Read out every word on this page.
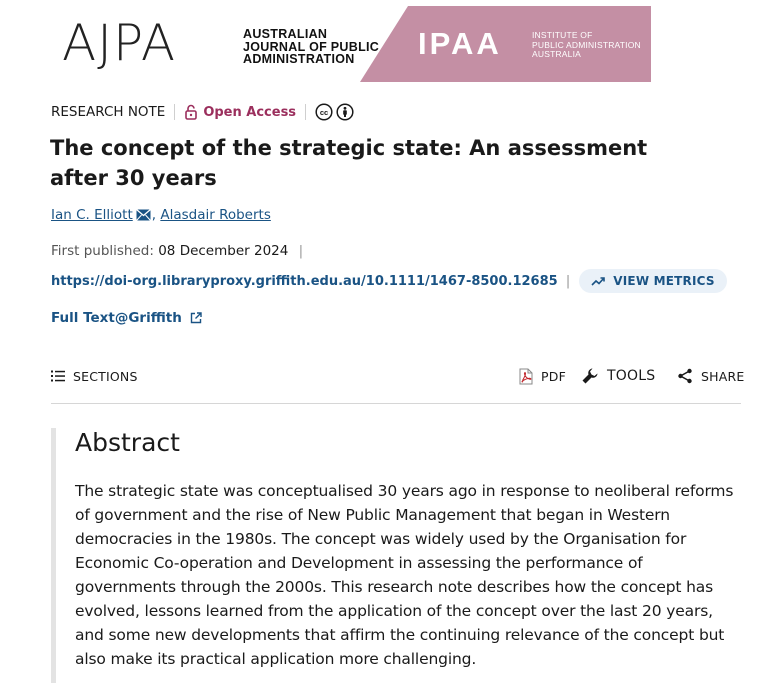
AJPA	AUSTRALIAN
JOURNAL OF PUBLIC
ADMINISTRATION	IPAA	INSTITUTE OF
PUBLIC ADMINISTRATION
AUSTRALIA
RESEARCH NOTE	Open Access	cc
The concept of the strategic state: An assessment after 30 years
Ian C. Elliott , Alasdair Roberts
First published: 08 December 2024 |
https://doi-org.libraryproxy.griffith.edu.au/10.1111/1467-8500.12685 |	VIEW METRICS
Full Text@Griffith
SECTIONS	PDF	TOOLS	SHARE
Abstract

The strategic state was conceptualised 30 years ago in response to neoliberal reforms of government and the rise of New Public Management that began in Western democracies in the 1980s. The concept was widely used by the Organisation for Economic Co-operation and Development in assessing the performance of governments through the 2000s. This research note describes how the concept has evolved, lessons learned from the application of the concept over the last 20 years, and some new developments that affirm the continuing relevance of the concept but also make its practical application more challenging.
